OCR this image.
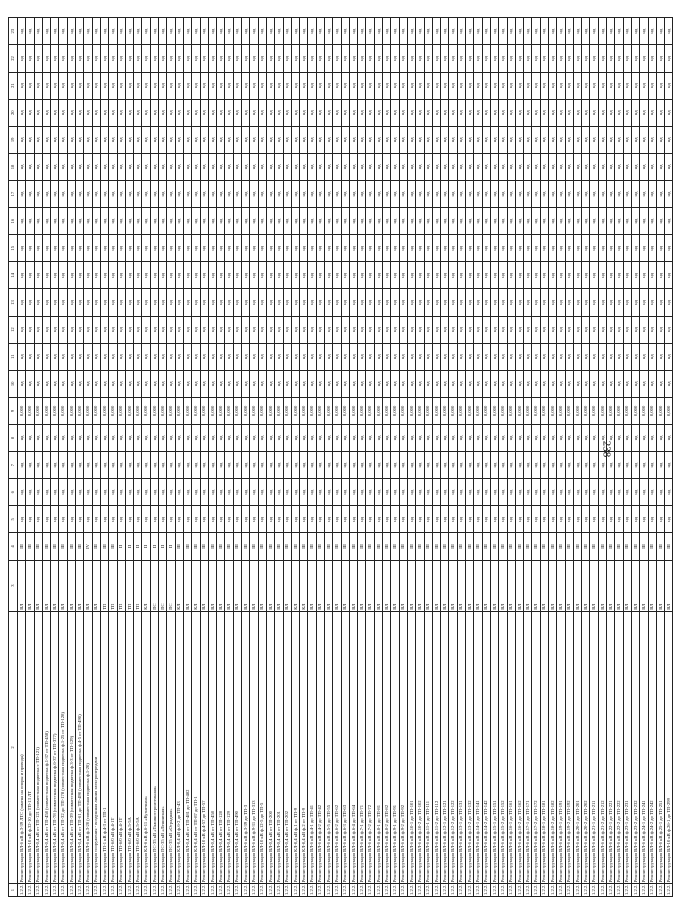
238
1	2	3	4	5	6	7	8	9	10	11	12	13	14	15	16	17	18	19	20	21	22	23
1.2.2.1	Реконструкция ВЛ-6 кВ ф.3-39 ЛТС (замена на опоры и провода)	ВЛ	III	нд	нд	нд	нд	0,000	нд	нд	нд	нд	нд	нд	нд	нд	нд	нд	нд	нд	нд	нд
1.2.2.1	Реконструкция ВЛ-10 кВ ф.32-10 до ТП-13 ЛТ	ВЛ	III	нд	нд	нд	нд	0,000	нд	нд	нд	нд	нд	нд	нд	нд	нд	нд	нд	нд	нд	нд
1.2.2.1	Реконструкция ВЛ-0,4 кВ от ТП-121 (совместная подвеска с ТП-121)	ВЛ	III	нд	нд	нд	нд	0,000	нд	нд	нд	нд	нд	нд	нд	нд	нд	нд	нд	нд	нд	нд
1.2.2.1	Реконструкция ВЛ-0,4 кВ от ТП-458 (совместная подвеска ф.1-37 от ТП-458)	ВЛ	III	нд	нд	нд	нд	0,000	нд	нд	нд	нд	нд	нд	нд	нд	нд	нд	нд	нд	нд	нд
1.2.2.1	Реконструкция ВЛ-0,4 кВ от ТП-78 (совместная подвеска ф.6-37 от ТП-377)	ВЛ	III	нд	нд	нд	нд	0,000	нд	нд	нд	нд	нд	нд	нд	нд	нд	нд	нд	нд	нд	нд
1.2.2.1	Реконструкция ВЛ-0,4 кВ от ТП-32 до ТП-178 (совместная подвеска ф.1-25 от ТП-128)	ВЛ	III	нд	нд	нд	нд	0,000	нд	нд	нд	нд	нд	нд	нд	нд	нд	нд	нд	нд	нд	нд
1.2.2.1	Реконструкция ВЛ-0,4 кВ от ТП-39 (совместная подвеска ф.3-3 от ТП-129)	ВЛ	III	нд	нд	нд	нд	0,000	нд	нд	нд	нд	нд	нд	нд	нд	нд	нд	нд	нд	нд	нд
1.2.2.1	Реконструкция ВЛ-0,4 кВ от ТП-61 до ТП-490 (совместная подвеска ф.4-5 от ТП-490)	ВЛ	III	нд	нд	нд	нд	0,000	нд	нд	нд	нд	нд	нд	нд	нд	нд	нд	нд	нд	нд	нд
1.2.2.1	Реконструкция ВЛ-6 кВ ф.3-20 (совместная подвеска ф.1-20)	ВЛ	IV	нд	нд	нд	нд	0,000	нд	нд	нд	нд	нд	нд	нд	нд	нд	нд	нд	нд	нд	нд
1.2.2.1	Реконструкция сооружения - воздушная линия электропередачи	ВЛ	III	нд	нд	нд	нд	0,000	нд	нд	нд	нд	нд	нд	нд	нд	нд	нд	нд	нд	нд	нд
1.2.2.1	Реконструкция ТП-1 кВ ф.4-3 от ТП-1	ТП	III	нд	нд	нд	нд	0,000	нд	нд	нд	нд	нд	нд	нд	нд	нд	нд	нд	нд	нд	нд
1.2.2.1	Реконструкция ТП-6/0 кВ ф.4-1Т	ТП	III	нд	нд	нд	нд	0,000	нд	нд	нд	нд	нд	нд	нд	нд	нд	нд	нд	нд	нд	нд
1.2.2.1	Реконструкция ТП-6/0 кВ ф.4-1Т	ТП	II	нд	нд	нд	нд	0,000	нд	нд	нд	нд	нд	нд	нд	нд	нд	нд	нд	нд	нд	нд
1.2.2.1	Реконструкция ТП-6/0 кВ ф.5-5А	ТП	II	нд	нд	нд	нд	0,000	нд	нд	нд	нд	нд	нд	нд	нд	нд	нд	нд	нд	нд	нд
1.2.2.1	Реконструкция ТП-6/0 кВ ф.5-5А	ТП	II	нд	нд	нд	нд	0,000	нд	нд	нд	нд	нд	нд	нд	нд	нд	нд	нд	нд	нд	нд
1.2.2.1	Реконструкция КЛ-6 кВ ф.6-11 «Кузнечная»	КЛ	II	нд	нд	нд	нд	0,000	нд	нд	нд	нд	нд	нд	нд	нд	нд	нд	нд	нд	нд	нд
1.2.2.1	Реконструкция ПС-35 кВ «Тяжиностроительная»	ПС	II	нд	нд	нд	нд	0,000	нд	нд	нд	нд	нд	нд	нд	нд	нд	нд	нд	нд	нд	нд
1.2.2.1	Реконструкция ПС-35 кВ «Ленинская»	ПС	II	нд	нд	нд	нд	0,000	нд	нд	нд	нд	нд	нд	нд	нд	нд	нд	нд	нд	нд	нд
1.2.2.1	Реконструкция ПС-35 кВ «Отрадная»	ПС	II	нд	нд	нд	нд	0,000	нд	нд	нд	нд	нд	нд	нд	нд	нд	нд	нд	нд	нд	нд
1.2.2.1	Реконструкция КЛ-0,4 кВ ф.6-2 до ТП-43	КЛ	III	нд	нд	нд	нд	0,000	нд	нд	нд	нд	нд	нд	нд	нд	нд	нд	нд	нд	нд	нд
1.2.2.1	Реконструкция ВЛ-0,4 кВ от ТП-481 до ТП-482	ВЛ	III	нд	нд	нд	нд	0,000	нд	нд	нд	нд	нд	нд	нд	нд	нд	нд	нд	нд	нд	нд
1.2.2.1	Реконструкция КЛ-0,4 кВ от ТП-87 до ТП-1	КЛ	III	нд	нд	нд	нд	0,000	нд	нд	нд	нд	нд	нд	нд	нд	нд	нд	нд	нд	нд	нд
1.2.2.1	Реконструкция ВЛ-10 кВ ф.4-57 до ТП-57	ВЛ	III	нд	нд	нд	нд	0,000	нд	нд	нд	нд	нд	нд	нд	нд	нд	нд	нд	нд	нд	нд
1.2.2.1	Реконструкция ВЛ-0,4 кВ от ТП-458	ВЛ	III	нд	нд	нд	нд	0,000	нд	нд	нд	нд	нд	нд	нд	нд	нд	нд	нд	нд	нд	нд
1.2.2.1	Реконструкция ВЛ-0,4 кВ от ТП-128	ВЛ	III	нд	нд	нд	нд	0,000	нд	нд	нд	нд	нд	нд	нд	нд	нд	нд	нд	нд	нд	нд
1.2.2.1	Реконструкция ВЛ-0,4 кВ от ТП-129	ВЛ	III	нд	нд	нд	нд	0,000	нд	нд	нд	нд	нд	нд	нд	нд	нд	нд	нд	нд	нд	нд
1.2.2.1	Реконструкция ВЛ-0,4 кВ от ТП-490	ВЛ	III	нд	нд	нд	нд	0,000	нд	нд	нд	нд	нд	нд	нд	нд	нд	нд	нд	нд	нд	нд
1.2.2.1	Реконструкция ВЛ-6 кВ ф.3-39 до ТП-3	ВЛ	III	нд	нд	нд	нд	0,000	нд	нд	нд	нд	нд	нд	нд	нд	нд	нд	нд	нд	нд	нд
1.2.2.1	Реконструкция ВЛ-6 кВ ф.9-31 до ТП-313	ВЛ	III	нд	нд	нд	нд	0,000	нд	нд	нд	нд	нд	нд	нд	нд	нд	нд	нд	нд	нд	нд
1.2.2.1	Реконструкция ВЛ-10 кВ ф.12-5 до ТП-5	ВЛ	III	нд	нд	нд	нд	0,000	нд	нд	нд	нд	нд	нд	нд	нд	нд	нд	нд	нд	нд	нд
1.2.2.1	Реконструкция ВЛ-0,4 кВ от ТП-200	ВЛ	III	нд	нд	нд	нд	0,000	нд	нд	нд	нд	нд	нд	нд	нд	нд	нд	нд	нд	нд	нд
1.2.2.1	Реконструкция ВЛ-0,4 кВ от ТП-201	ВЛ	III	нд	нд	нд	нд	0,000	нд	нд	нд	нд	нд	нд	нд	нд	нд	нд	нд	нд	нд	нд
1.2.2.1	Реконструкция ВЛ-0,4 кВ от ТП-202	ВЛ	III	нд	нд	нд	нд	0,000	нд	нд	нд	нд	нд	нд	нд	нд	нд	нд	нд	нд	нд	нд
1.2.2.1	Реконструкция КЛ-0,4 кВ ф.1 от ТП-9	КЛ	III	нд	нд	нд	нд	0,000	нд	нд	нд	нд	нд	нд	нд	нд	нд	нд	нд	нд	нд	нд
1.2.2.1	Реконструкция КЛ-0,4 кВ ф.2 от ТП-9	КЛ	III	нд	нд	нд	нд	0,000	нд	нд	нд	нд	нд	нд	нд	нд	нд	нд	нд	нд	нд	нд
1.2.2.1	Реконструкция ВЛ-6 кВ ф.4-1 до ТП-41	ВЛ	III	нд	нд	нд	нд	0,000	нд	нд	нд	нд	нд	нд	нд	нд	нд	нд	нд	нд	нд	нд
1.2.2.1	Реконструкция ВЛ-6 кВ ф.4-2 до ТП-42	ВЛ	III	нд	нд	нд	нд	0,000	нд	нд	нд	нд	нд	нд	нд	нд	нд	нд	нд	нд	нд	нд
1.2.2.1	Реконструкция ВЛ-6 кВ ф.5-5 до ТП-55	ВЛ	III	нд	нд	нд	нд	0,000	нд	нд	нд	нд	нд	нд	нд	нд	нд	нд	нд	нд	нд	нд
1.2.2.1	Реконструкция ВЛ-6 кВ ф.6-2 до ТП-62	ВЛ	III	нд	нд	нд	нд	0,000	нд	нд	нд	нд	нд	нд	нд	нд	нд	нд	нд	нд	нд	нд
1.2.2.1	Реконструкция ВЛ-6 кВ ф.6-3 до ТП-63	ВЛ	III	нд	нд	нд	нд	0,000	нд	нд	нд	нд	нд	нд	нд	нд	нд	нд	нд	нд	нд	нд
1.2.2.1	Реконструкция ВЛ-6 кВ ф.6-4 до ТП-64	ВЛ	III	нд	нд	нд	нд	0,000	нд	нд	нд	нд	нд	нд	нд	нд	нд	нд	нд	нд	нд	нд
1.2.2.1	Реконструкция ВЛ-6 кВ ф.7-1 до ТП-71	ВЛ	III	нд	нд	нд	нд	0,000	нд	нд	нд	нд	нд	нд	нд	нд	нд	нд	нд	нд	нд	нд
1.2.2.1	Реконструкция ВЛ-6 кВ ф.7-2 до ТП-72	ВЛ	III	нд	нд	нд	нд	0,000	нд	нд	нд	нд	нд	нд	нд	нд	нд	нд	нд	нд	нд	нд
1.2.2.1	Реконструкция ВЛ-6 кВ ф.8-1 до ТП-81	ВЛ	III	нд	нд	нд	нд	0,000	нд	нд	нд	нд	нд	нд	нд	нд	нд	нд	нд	нд	нд	нд
1.2.2.1	Реконструкция ВЛ-6 кВ ф.8-2 до ТП-82	ВЛ	III	нд	нд	нд	нд	0,000	нд	нд	нд	нд	нд	нд	нд	нд	нд	нд	нд	нд	нд	нд
1.2.2.1	Реконструкция ВЛ-6 кВ ф.9-1 до ТП-91	ВЛ	III	нд	нд	нд	нд	0,000	нд	нд	нд	нд	нд	нд	нд	нд	нд	нд	нд	нд	нд	нд
1.2.2.1	Реконструкция ВЛ-6 кВ ф.9-2 до ТП-92	ВЛ	III	нд	нд	нд	нд	0,000	нд	нд	нд	нд	нд	нд	нд	нд	нд	нд	нд	нд	нд	нд
1.2.2.1	Реконструкция ВЛ-6 кВ ф.10-1 до ТП-101	ВЛ	III	нд	нд	нд	нд	0,000	нд	нд	нд	нд	нд	нд	нд	нд	нд	нд	нд	нд	нд	нд
1.2.2.1	Реконструкция ВЛ-6 кВ ф.10-2 до ТП-102	ВЛ	III	нд	нд	нд	нд	0,000	нд	нд	нд	нд	нд	нд	нд	нд	нд	нд	нд	нд	нд	нд
1.2.2.1	Реконструкция ВЛ-6 кВ ф.11-1 до ТП-111	ВЛ	III	нд	нд	нд	нд	0,000	нд	нд	нд	нд	нд	нд	нд	нд	нд	нд	нд	нд	нд	нд
1.2.2.1	Реконструкция ВЛ-6 кВ ф.11-2 до ТП-112	ВЛ	III	нд	нд	нд	нд	0,000	нд	нд	нд	нд	нд	нд	нд	нд	нд	нд	нд	нд	нд	нд
1.2.2.1	Реконструкция ВЛ-6 кВ ф.12-1 до ТП-121	ВЛ	III	нд	нд	нд	нд	0,000	нд	нд	нд	нд	нд	нд	нд	нд	нд	нд	нд	нд	нд	нд
1.2.2.1	Реконструкция ВЛ-6 кВ ф.12-2 до ТП-122	ВЛ	III	нд	нд	нд	нд	0,000	нд	нд	нд	нд	нд	нд	нд	нд	нд	нд	нд	нд	нд	нд
1.2.2.1	Реконструкция ВЛ-6 кВ ф.13-1 до ТП-131	ВЛ	III	нд	нд	нд	нд	0,000	нд	нд	нд	нд	нд	нд	нд	нд	нд	нд	нд	нд	нд	нд
1.2.2.1	Реконструкция ВЛ-6 кВ ф.13-2 до ТП-132	ВЛ	III	нд	нд	нд	нд	0,000	нд	нд	нд	нд	нд	нд	нд	нд	нд	нд	нд	нд	нд	нд
1.2.2.1	Реконструкция ВЛ-6 кВ ф.14-1 до ТП-141	ВЛ	III	нд	нд	нд	нд	0,000	нд	нд	нд	нд	нд	нд	нд	нд	нд	нд	нд	нд	нд	нд
1.2.2.1	Реконструкция ВЛ-6 кВ ф.14-2 до ТП-142	ВЛ	III	нд	нд	нд	нд	0,000	нд	нд	нд	нд	нд	нд	нд	нд	нд	нд	нд	нд	нд	нд
1.2.2.1	Реконструкция ВЛ-6 кВ ф.15-1 до ТП-151	ВЛ	III	нд	нд	нд	нд	0,000	нд	нд	нд	нд	нд	нд	нд	нд	нд	нд	нд	нд	нд	нд
1.2.2.1	Реконструкция ВЛ-6 кВ ф.15-2 до ТП-152	ВЛ	III	нд	нд	нд	нд	0,000	нд	нд	нд	нд	нд	нд	нд	нд	нд	нд	нд	нд	нд	нд
1.2.2.1	Реконструкция ВЛ-6 кВ ф.16-1 до ТП-161	ВЛ	III	нд	нд	нд	нд	0,000	нд	нд	нд	нд	нд	нд	нд	нд	нд	нд	нд	нд	нд	нд
1.2.2.1	Реконструкция ВЛ-6 кВ ф.16-2 до ТП-162	ВЛ	III	нд	нд	нд	нд	0,000	нд	нд	нд	нд	нд	нд	нд	нд	нд	нд	нд	нд	нд	нд
1.2.2.1	Реконструкция ВЛ-6 кВ ф.17-1 до ТП-171	ВЛ	III	нд	нд	нд	нд	0,000	нд	нд	нд	нд	нд	нд	нд	нд	нд	нд	нд	нд	нд	нд
1.2.2.1	Реконструкция ВЛ-6 кВ ф.17-2 до ТП-172	ВЛ	III	нд	нд	нд	нд	0,000	нд	нд	нд	нд	нд	нд	нд	нд	нд	нд	нд	нд	нд	нд
1.2.2.1	Реконструкция ВЛ-6 кВ ф.18-1 до ТП-181	ВЛ	III	нд	нд	нд	нд	0,000	нд	нд	нд	нд	нд	нд	нд	нд	нд	нд	нд	нд	нд	нд
1.2.2.1	Реконструкция ВЛ-6 кВ ф.18-2 до ТП-182	ВЛ	III	нд	нд	нд	нд	0,000	нд	нд	нд	нд	нд	нд	нд	нд	нд	нд	нд	нд	нд	нд
1.2.2.1	Реконструкция ВЛ-6 кВ ф.19-1 до ТП-191	ВЛ	III	нд	нд	нд	нд	0,000	нд	нд	нд	нд	нд	нд	нд	нд	нд	нд	нд	нд	нд	нд
1.2.2.1	Реконструкция ВЛ-6 кВ ф.19-2 до ТП-192	ВЛ	III	нд	нд	нд	нд	0,000	нд	нд	нд	нд	нд	нд	нд	нд	нд	нд	нд	нд	нд	нд
1.2.2.1	Реконструкция ВЛ-6 кВ ф.20-1 до ТП-201	ВЛ	III	нд	нд	нд	нд	0,000	нд	нд	нд	нд	нд	нд	нд	нд	нд	нд	нд	нд	нд	нд
1.2.2.1	Реконструкция ВЛ-6 кВ ф.20-2 до ТП-202	ВЛ	III	нд	нд	нд	нд	0,000	нд	нд	нд	нд	нд	нд	нд	нд	нд	нд	нд	нд	нд	нд
1.2.2.1	Реконструкция ВЛ-6 кВ ф.21-1 до ТП-211	ВЛ	III	нд	нд	нд	нд	0,000	нд	нд	нд	нд	нд	нд	нд	нд	нд	нд	нд	нд	нд	нд
1.2.2.1	Реконструкция ВЛ-6 кВ ф.21-2 до ТП-212	ВЛ	III	нд	нд	нд	нд	0,000	нд	нд	нд	нд	нд	нд	нд	нд	нд	нд	нд	нд	нд	нд
1.2.2.1	Реконструкция ВЛ-6 кВ ф.22-1 до ТП-221	ВЛ	III	нд	нд	нд	нд	0,000	нд	нд	нд	нд	нд	нд	нд	нд	нд	нд	нд	нд	нд	нд
1.2.2.1	Реконструкция ВЛ-6 кВ ф.22-2 до ТП-222	ВЛ	III	нд	нд	нд	нд	0,000	нд	нд	нд	нд	нд	нд	нд	нд	нд	нд	нд	нд	нд	нд
1.2.2.1	Реконструкция ВЛ-6 кВ ф.23-1 до ТП-231	ВЛ	III	нд	нд	нд	нд	0,000	нд	нд	нд	нд	нд	нд	нд	нд	нд	нд	нд	нд	нд	нд
1.2.2.1	Реконструкция ВЛ-6 кВ ф.23-2 до ТП-232	ВЛ	III	нд	нд	нд	нд	0,000	нд	нд	нд	нд	нд	нд	нд	нд	нд	нд	нд	нд	нд	нд
1.2.2.1	Реконструкция ВЛ-6 кВ ф.24-1 до ТП-241	ВЛ	III	нд	нд	нд	нд	0,000	нд	нд	нд	нд	нд	нд	нд	нд	нд	нд	нд	нд	нд	нд
1.2.2.1	Реконструкция ВЛ-6 кВ ф.24-2 до ТП-242	ВЛ	III	нд	нд	нд	нд	0,000	нд	нд	нд	нд	нд	нд	нд	нд	нд	нд	нд	нд	нд	нд
1.2.2.1	Реконструкция ВЛ-6 кВ ф.25-1 до ТП-251	ВЛ	III	нд	нд	нд	нд	0,000	нд	нд	нд	нд	нд	нд	нд	нд	нд	нд	нд	нд	нд	нд
1.2.2.1	Реконструкция ВЛ-10 кВ ф.26-1 до ТП-299	ВЛ	III	нд	нд	нд	нд	0,000	нд	нд	нд	нд	нд	нд	нд	нд	нд	нд	нд	нд	нд	нд
